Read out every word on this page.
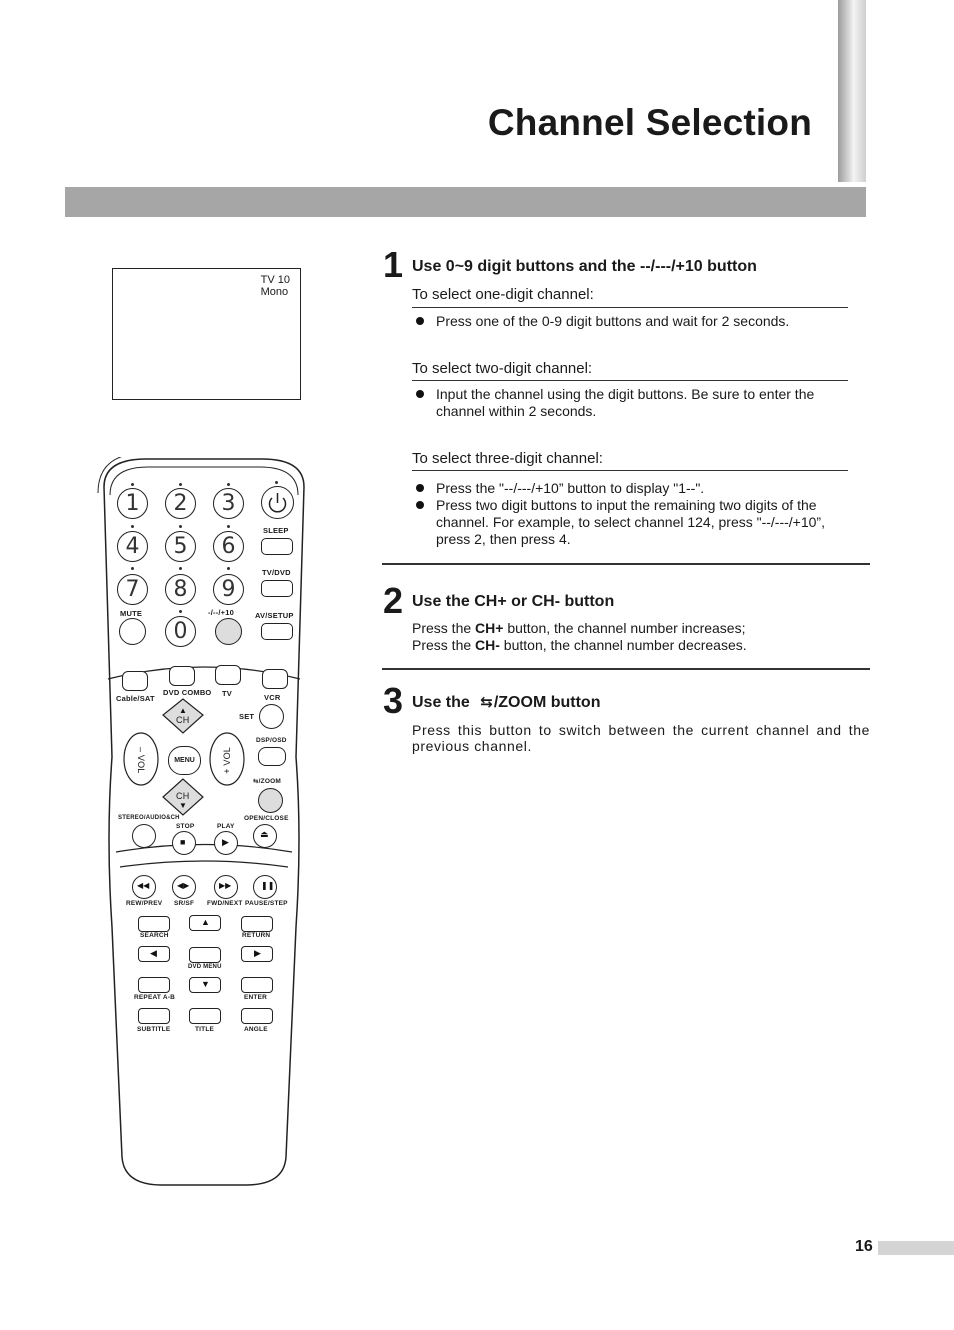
Channel Selection
TV 10
Mono
1	2	3
SLEEP
4	5	6
TV/DVD
7	8	9
MUTE	-/--/+10	AV/SETUP
0
Cable/SAT
DVD COMBO TV	VCR
▲
CH	SET
– VOL	MENU
+ VOL
DSP/OSD
⇆/ZOOM
CH
▼
STEREO/AUDIO&CH
STOP	PLAY
OPEN/CLOSE
■	▶
⏏
◀◀	◀▶	▶▶	❚❚
REW/PREV SR/SF FWD/NEXT PAUSE/STEP
▲
SEARCH	RETURN
◀	▶
DVD MENU
▼
REPEAT A-B	ENTER
SUBTITLE	TITLE	ANGLE
1 Use 0~9 digit buttons and the --/---/+10 button
To select one-digit channel:
Press one of the 0-9 digit buttons and wait for 2 seconds.
To select two-digit channel:
Input the channel using the digit buttons. Be sure to enter the channel within 2 seconds.
To select three-digit channel:
Press the "--/---/+10” button to display "1--".
Press two digit buttons to input the remaining two digits of the channel. For example, to select channel 124, press "--/---/+10”, press 2, then press 4.
2 Use the CH+ or CH- button
Press the CH+ button, the channel number increases;
Press the CH- button, the channel number decreases.
3 Use the ⇆/ZOOM button
Press this button to switch between the current channel and the previous channel.
16
